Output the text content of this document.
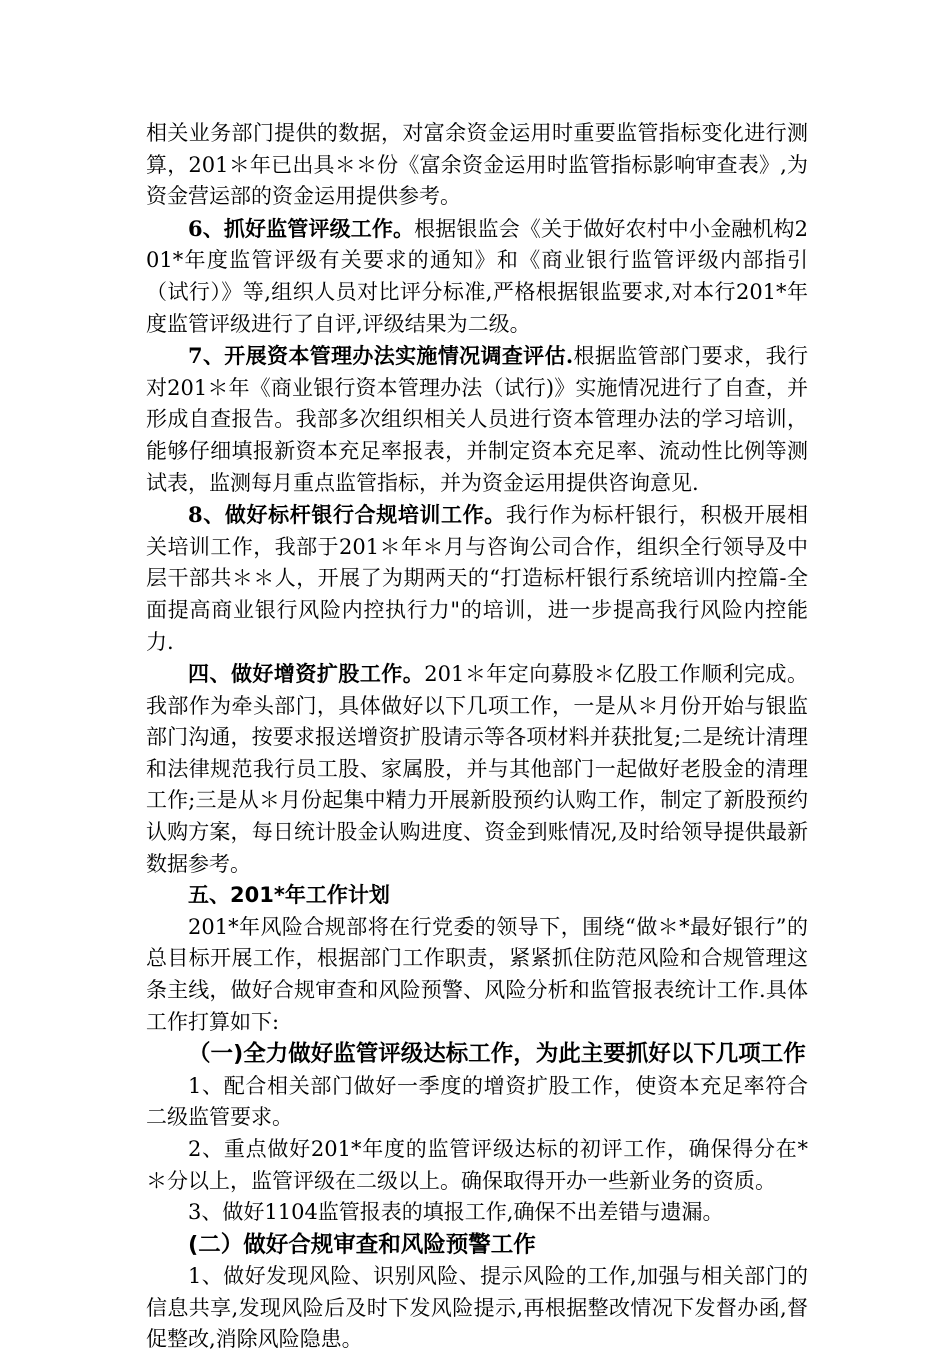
相关业务部门提供的数据，对富余资金运用时重要监管指标变化进行测算，201＊年已出具＊＊份《富余资金运用时监管指标影响审查表》,为资金营运部的资金运用提供参考。

6、抓好监管评级工作。根据银监会《关于做好农村中小金融机构201*年度监管评级有关要求的通知》和《商业银行监管评级内部指引（试行）》等,组织人员对比评分标准,严格根据银监要求,对本行201*年度监管评级进行了自评,评级结果为二级。

7、开展资本管理办法实施情况调查评估.根据监管部门要求，我行对201＊年《商业银行资本管理办法（试行)》实施情况进行了自查，并形成自查报告。我部多次组织相关人员进行资本管理办法的学习培训，能够仔细填报新资本充足率报表，并制定资本充足率、流动性比例等测试表，监测每月重点监管指标，并为资金运用提供咨询意见.

8、做好标杆银行合规培训工作。我行作为标杆银行，积极开展相关培训工作，我部于201＊年＊月与咨询公司合作，组织全行领导及中层干部共＊＊人，开展了为期两天的“打造标杆银行系统培训内控篇-全面提高商业银行风险内控执行力"的培训，进一步提高我行风险内控能力.

四、做好增资扩股工作。201＊年定向募股＊亿股工作顺利完成。我部作为牵头部门，具体做好以下几项工作，一是从＊月份开始与银监部门沟通，按要求报送增资扩股请示等各项材料并获批复;二是统计清理和法律规范我行员工股、家属股，并与其他部门一起做好老股金的清理工作;三是从＊月份起集中精力开展新股预约认购工作，制定了新股预约认购方案，每日统计股金认购进度、资金到账情况,及时给领导提供最新数据参考。

五、201*年工作计划

201*年风险合规部将在行党委的领导下，围绕“做＊*最好银行”的总目标开展工作，根据部门工作职责，紧紧抓住防范风险和合规管理这条主线，做好合规审查和风险预警、风险分析和监管报表统计工作.具体工作打算如下:

（一)全力做好监管评级达标工作，为此主要抓好以下几项工作

1、配合相关部门做好一季度的增资扩股工作，使资本充足率符合二级监管要求。

2、重点做好201*年度的监管评级达标的初评工作，确保得分在*＊分以上，监管评级在二级以上。确保取得开办一些新业务的资质。

3、做好1104监管报表的填报工作,确保不出差错与遗漏。

(二）做好合规审查和风险预警工作

1、做好发现风险、识别风险、提示风险的工作,加强与相关部门的信息共享,发现风险后及时下发风险提示,再根据整改情况下发督办函,督促整改,消除风险隐患。
